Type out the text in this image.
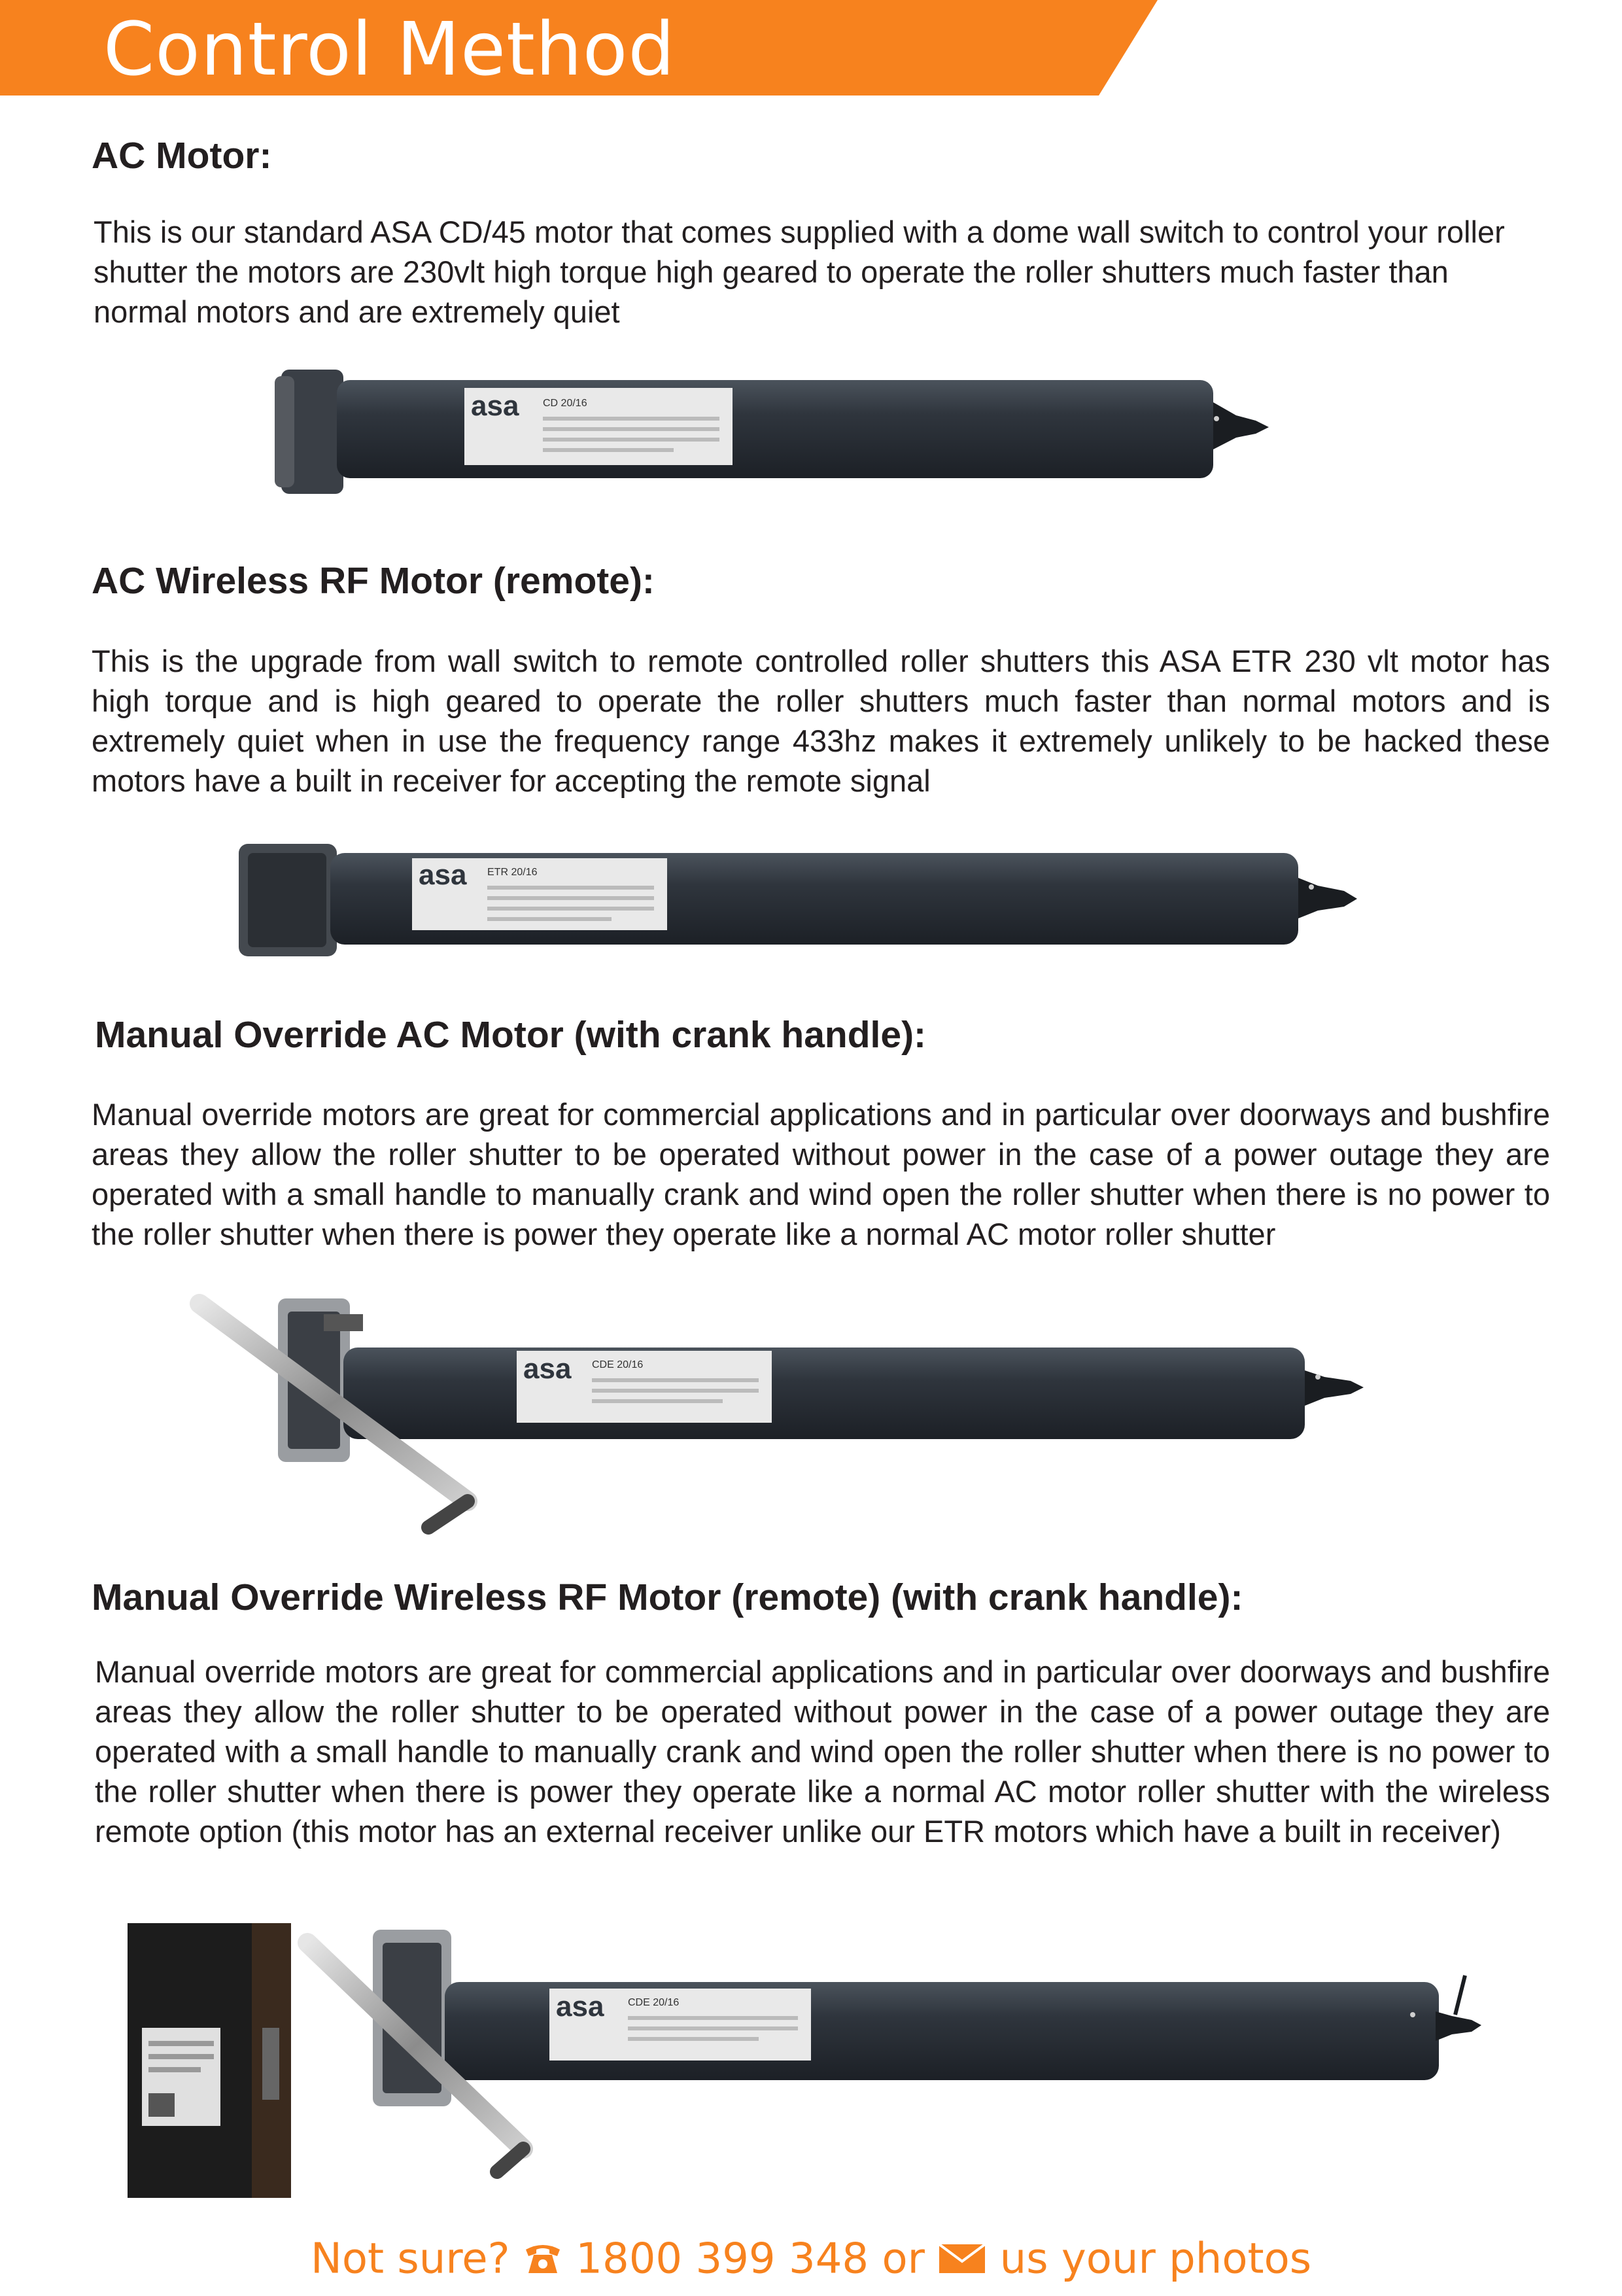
Control Method
AC Motor:

This is our standard ASA CD/45 motor that comes supplied with a dome wall switch to control your roller shutter the motors are 230vlt high torque high geared to operate the roller shutters much faster than normal motors and are extremely quiet

asa CD 20/16
AC Wireless RF Motor (remote):

This is the upgrade from wall switch to remote controlled roller shutters this ASA ETR 230 vlt motor has high torque and is high geared to operate the roller shutters much faster than normal motors and is extremely quiet when in use the frequency range 433hz makes it extremely unlikely to be hacked these motors have a built in receiver for accepting the remote signal

asa ETR 20/16
Manual Override AC Motor (with crank handle):

Manual override motors are great for commercial applications and in particular over doorways and bushfire areas they allow the roller shutter to be operated without power in the case of a power outage they are operated with a small handle to manually crank and wind open the roller shutter when there is no power to the roller shutter when there is power they operate like a normal AC motor roller shutter

asa CDE 20/16
Manual Override Wireless RF Motor (remote) (with crank handle):

Manual override motors are great for commercial applications and in particular over doorways and bushfire areas they allow the roller shutter to be operated without power in the case of a power outage they are operated with a small handle to manually crank and wind open the roller shutter when there is no power to the roller shutter when there is power they operate like a normal AC motor roller shutter with the wireless remote option (this motor has an external receiver unlike our ETR motors which have a built in receiver)

asa CDE 20/16
Not sure? 1800 399 348 or us your photos
